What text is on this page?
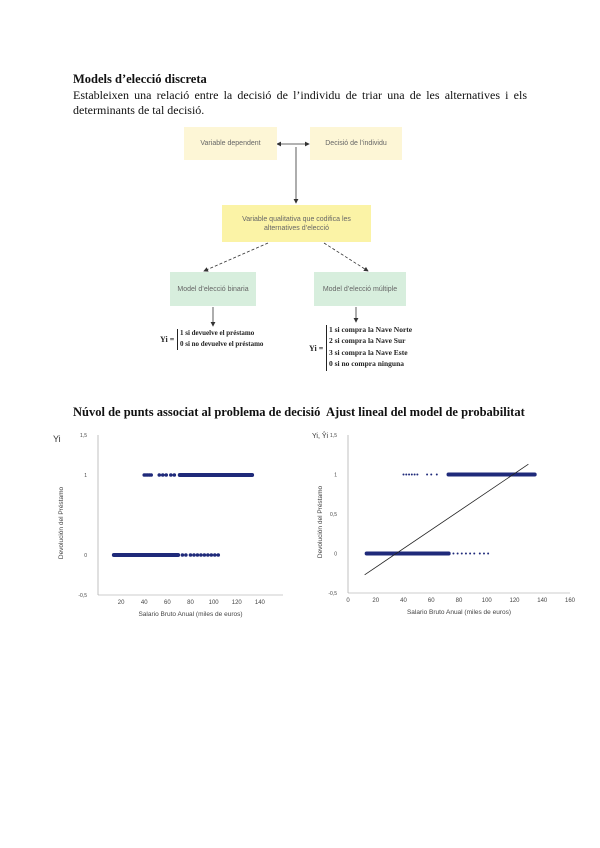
Models d’elecció discreta
Estableixen una relació entre la decisió de l’individu de triar una de les alternatives i els determinants de tal decisió.
Variable dependent	Decisió de l’individu
Variable qualitativa que codifica les alternatives d’elecció
Model d’elecció binaria	Model d’elecció múltiple
Yi =
1 si devuelve el préstamo
0 si no devuelve el préstamo	Yi =
1 si compra la Nave Norte
2 si compra la Nave Sur
3 si compra la Nave Este
0 si no compra ninguna
Núvol de punts associat al problema de decisió Ajust lineal del model de probabilitat
Yi
-0,5
0
1
1,5
20	40	60	80 100 120 140
Salario Bruto Anual (miles de euros)
Devolución del Préstamo
Yi, Ŷi
-0,5
0
0,5
1
1,5
0	20	40	60	80	100	120	140	160
Salario Bruto Anual (miles de euros)
Devolución del Préstamo
